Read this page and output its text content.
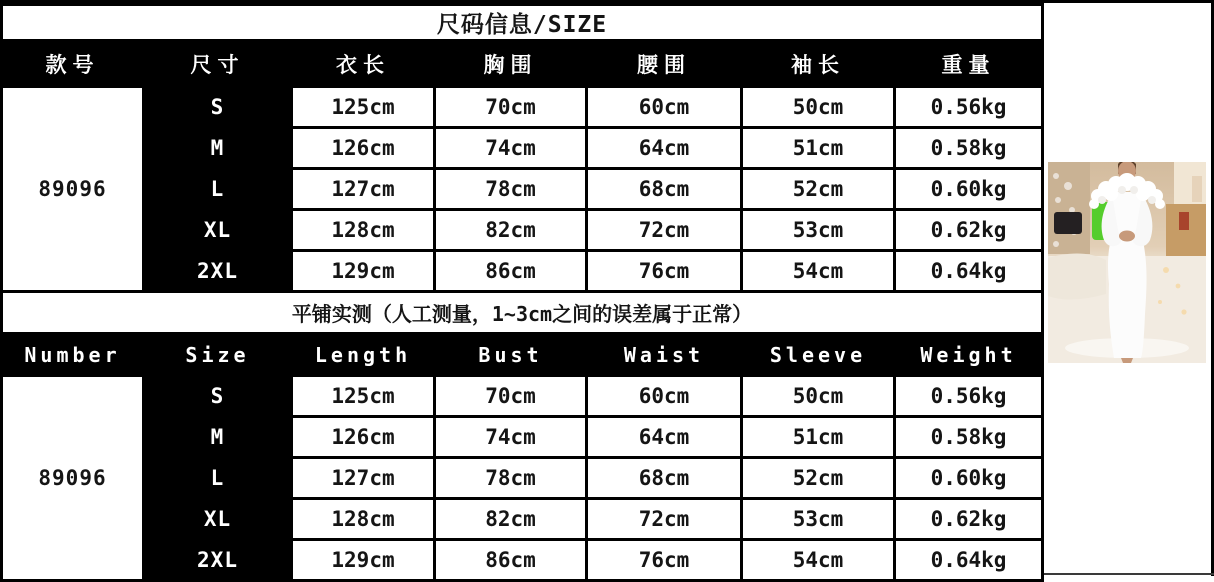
尺码信息/SIZE						
款号	尺寸	衣长	胸围	腰围	袖长	重量
89096	S	125cm	70cm	60cm	50cm	0.56kg
	M	126cm	74cm	64cm	51cm	0.58kg
	L	127cm	78cm	68cm	52cm	0.60kg
	XL	128cm	82cm	72cm	53cm	0.62kg
	2XL	129cm	86cm	76cm	54cm	0.64kg
平铺实测（人工测量，1~3cm之间的误差属于正常）						
Number	Size	Length	Bust	Waist	Sleeve	Weight
89096	S	125cm	70cm	60cm	50cm	0.56kg
	M	126cm	74cm	64cm	51cm	0.58kg
	L	127cm	78cm	68cm	52cm	0.60kg
	XL	128cm	82cm	72cm	53cm	0.62kg
	2XL	129cm	86cm	76cm	54cm	0.64kg
